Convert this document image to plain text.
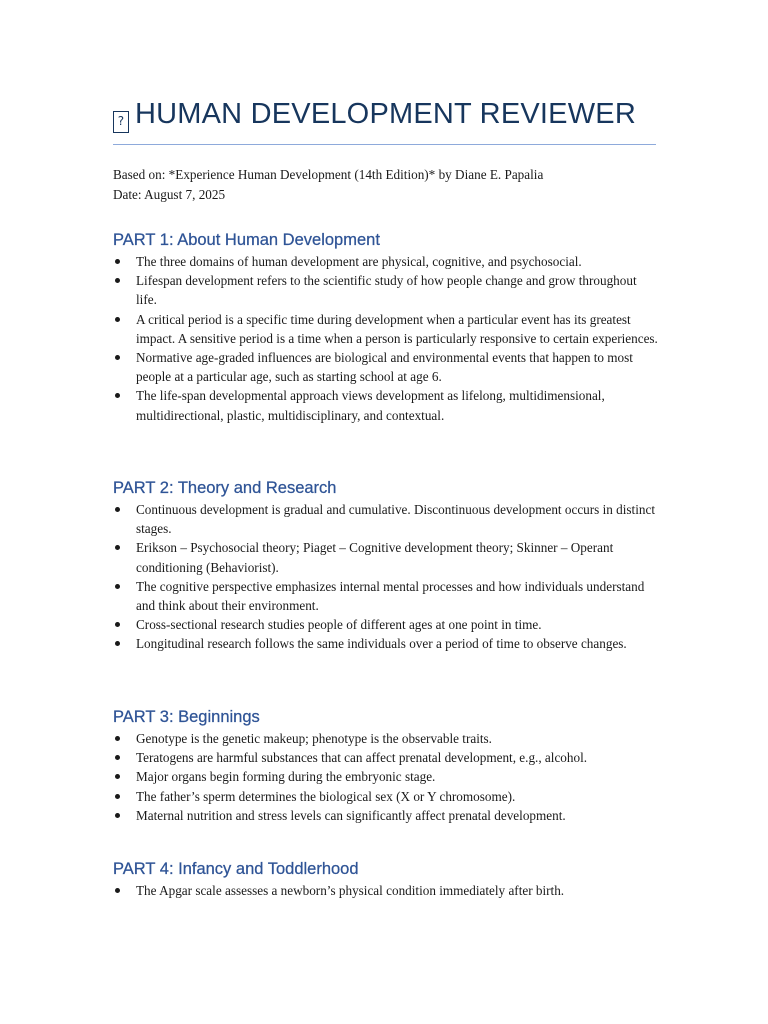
? HUMAN DEVELOPMENT REVIEWER
Based on: *Experience Human Development (14th Edition)* by Diane E. Papalia
Date: August 7, 2025
PART 1: About Human Development
The three domains of human development are physical, cognitive, and psychosocial.
Lifespan development refers to the scientific study of how people change and grow throughout life.
A critical period is a specific time during development when a particular event has its greatest impact. A sensitive period is a time when a person is particularly responsive to certain experiences.
Normative age-graded influences are biological and environmental events that happen to most people at a particular age, such as starting school at age 6.
The life-span developmental approach views development as lifelong, multidimensional, multidirectional, plastic, multidisciplinary, and contextual.
PART 2: Theory and Research
Continuous development is gradual and cumulative. Discontinuous development occurs in distinct stages.
Erikson – Psychosocial theory; Piaget – Cognitive development theory; Skinner – Operant conditioning (Behaviorist).
The cognitive perspective emphasizes internal mental processes and how individuals understand and think about their environment.
Cross-sectional research studies people of different ages at one point in time.
Longitudinal research follows the same individuals over a period of time to observe changes.
PART 3: Beginnings
Genotype is the genetic makeup; phenotype is the observable traits.
Teratogens are harmful substances that can affect prenatal development, e.g., alcohol.
Major organs begin forming during the embryonic stage.
The father’s sperm determines the biological sex (X or Y chromosome).
Maternal nutrition and stress levels can significantly affect prenatal development.
PART 4: Infancy and Toddlerhood
The Apgar scale assesses a newborn’s physical condition immediately after birth.
